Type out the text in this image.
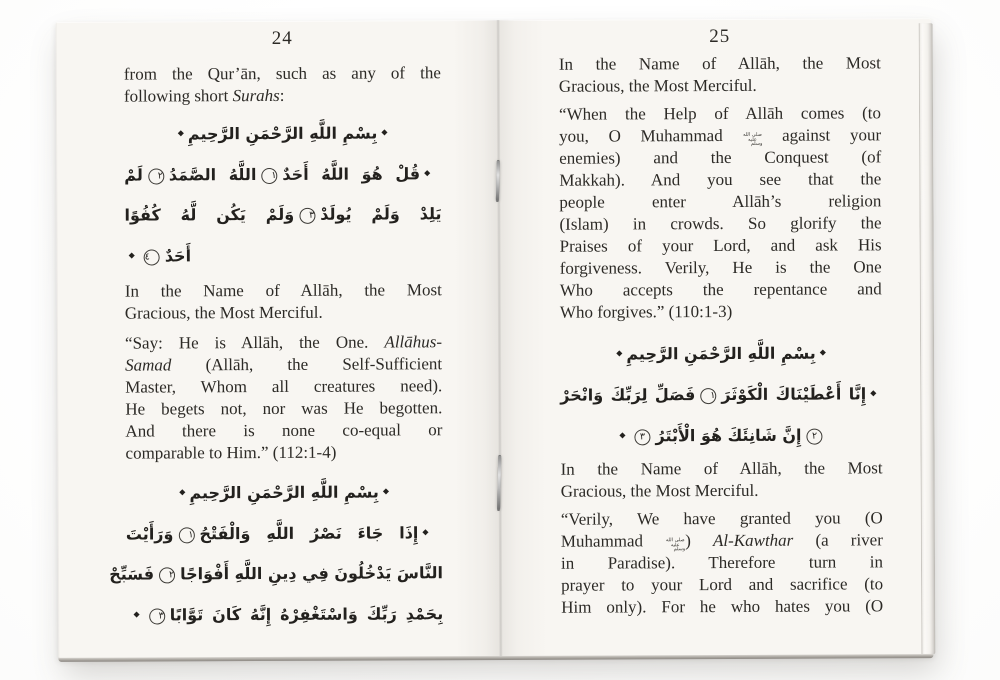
24
from the Qur’ān, such as any of the
following short Surahs:
◆بِسْمِ اللَّهِ الرَّحْمَنِ الرَّحِيمِ◆
◆قُلْ هُوَ اللَّهُ أَحَدٌ١اللَّهُ الصَّمَدُ٢لَمْ
يَلِدْ وَلَمْ يُولَدْ٣وَلَمْ يَكُن لَّهُ كُفُوًا
أَحَدٌ٤◆
In the Name of Allāh, the Most
Gracious, the Most Merciful.
“Say: He is Allāh, the One. Allāhus-
Samad (Allāh, the Self-Sufficient
Master, Whom all creatures need).
He begets not, nor was He begotten.
And there is none co-equal or
comparable to Him.” (112:1-4)
◆بِسْمِ اللَّهِ الرَّحْمَنِ الرَّحِيمِ◆
◆إِذَا جَاءَ نَصْرُ اللَّهِ وَالْفَتْحُ١وَرَأَيْتَ
النَّاسَ يَدْخُلُونَ فِي دِينِ اللَّهِ أَفْوَاجًا٢فَسَبِّحْ
بِحَمْدِ رَبِّكَ وَاسْتَغْفِرْهُ إِنَّهُ كَانَ تَوَّابًا٣◆
25
In the Name of Allāh, the Most
Gracious, the Most Merciful.
“When the Help of Allāh comes (to
you, O Muhammad صلى الله عليه وسلم against your
enemies) and the Conquest (of
Makkah). And you see that the
people enter Allāh’s religion
(Islam) in crowds. So glorify the
Praises of your Lord, and ask His
forgiveness. Verily, He is the One
Who accepts the repentance and
Who forgives.” (110:1-3)
◆بِسْمِ اللَّهِ الرَّحْمَنِ الرَّحِيمِ◆
◆إِنَّا أَعْطَيْنَاكَ الْكَوْثَرَ١فَصَلِّ لِرَبِّكَ وَانْحَرْ
٢إِنَّ شَانِئَكَ هُوَ الْأَبْتَرُ٣◆
In the Name of Allāh, the Most
Gracious, the Most Merciful.
“Verily, We have granted you (O
Muhammad صلى الله عليه وسلم) Al-Kawthar (a river
in Paradise). Therefore turn in
prayer to your Lord and sacrifice (to
Him only). For he who hates you (O
